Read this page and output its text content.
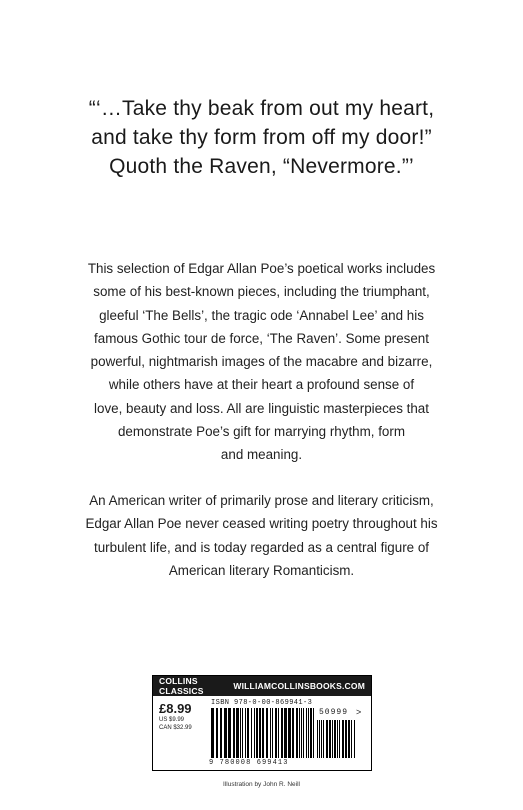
“‘…Take thy beak from out my heart,
and take thy form from off my door!”
Quoth the Raven, “Nevermore.”’
This selection of Edgar Allan Poe’s poetical works includes
some of his best-known pieces, including the triumphant,
gleeful ‘The Bells’, the tragic ode ‘Annabel Lee’ and his
famous Gothic tour de force, ‘The Raven’. Some present
powerful, nightmarish images of the macabre and bizarre,
while others have at their heart a profound sense of
love, beauty and loss. All are linguistic masterpieces that
demonstrate Poe’s gift for marrying rhythm, form
and meaning.
An American writer of primarily prose and literary criticism,
Edgar Allan Poe never ceased writing poetry throughout his
turbulent life, and is today regarded as a central figure of
American literary Romanticism.
COLLINS CLASSICS	WILLIAMCOLLINSBOOKS.COM
£8.99
US $9.99
CAN $32.99
ISBN 978-0-00-869941-3
50999 >
9 780008 699413
Illustration by John R. Neill
